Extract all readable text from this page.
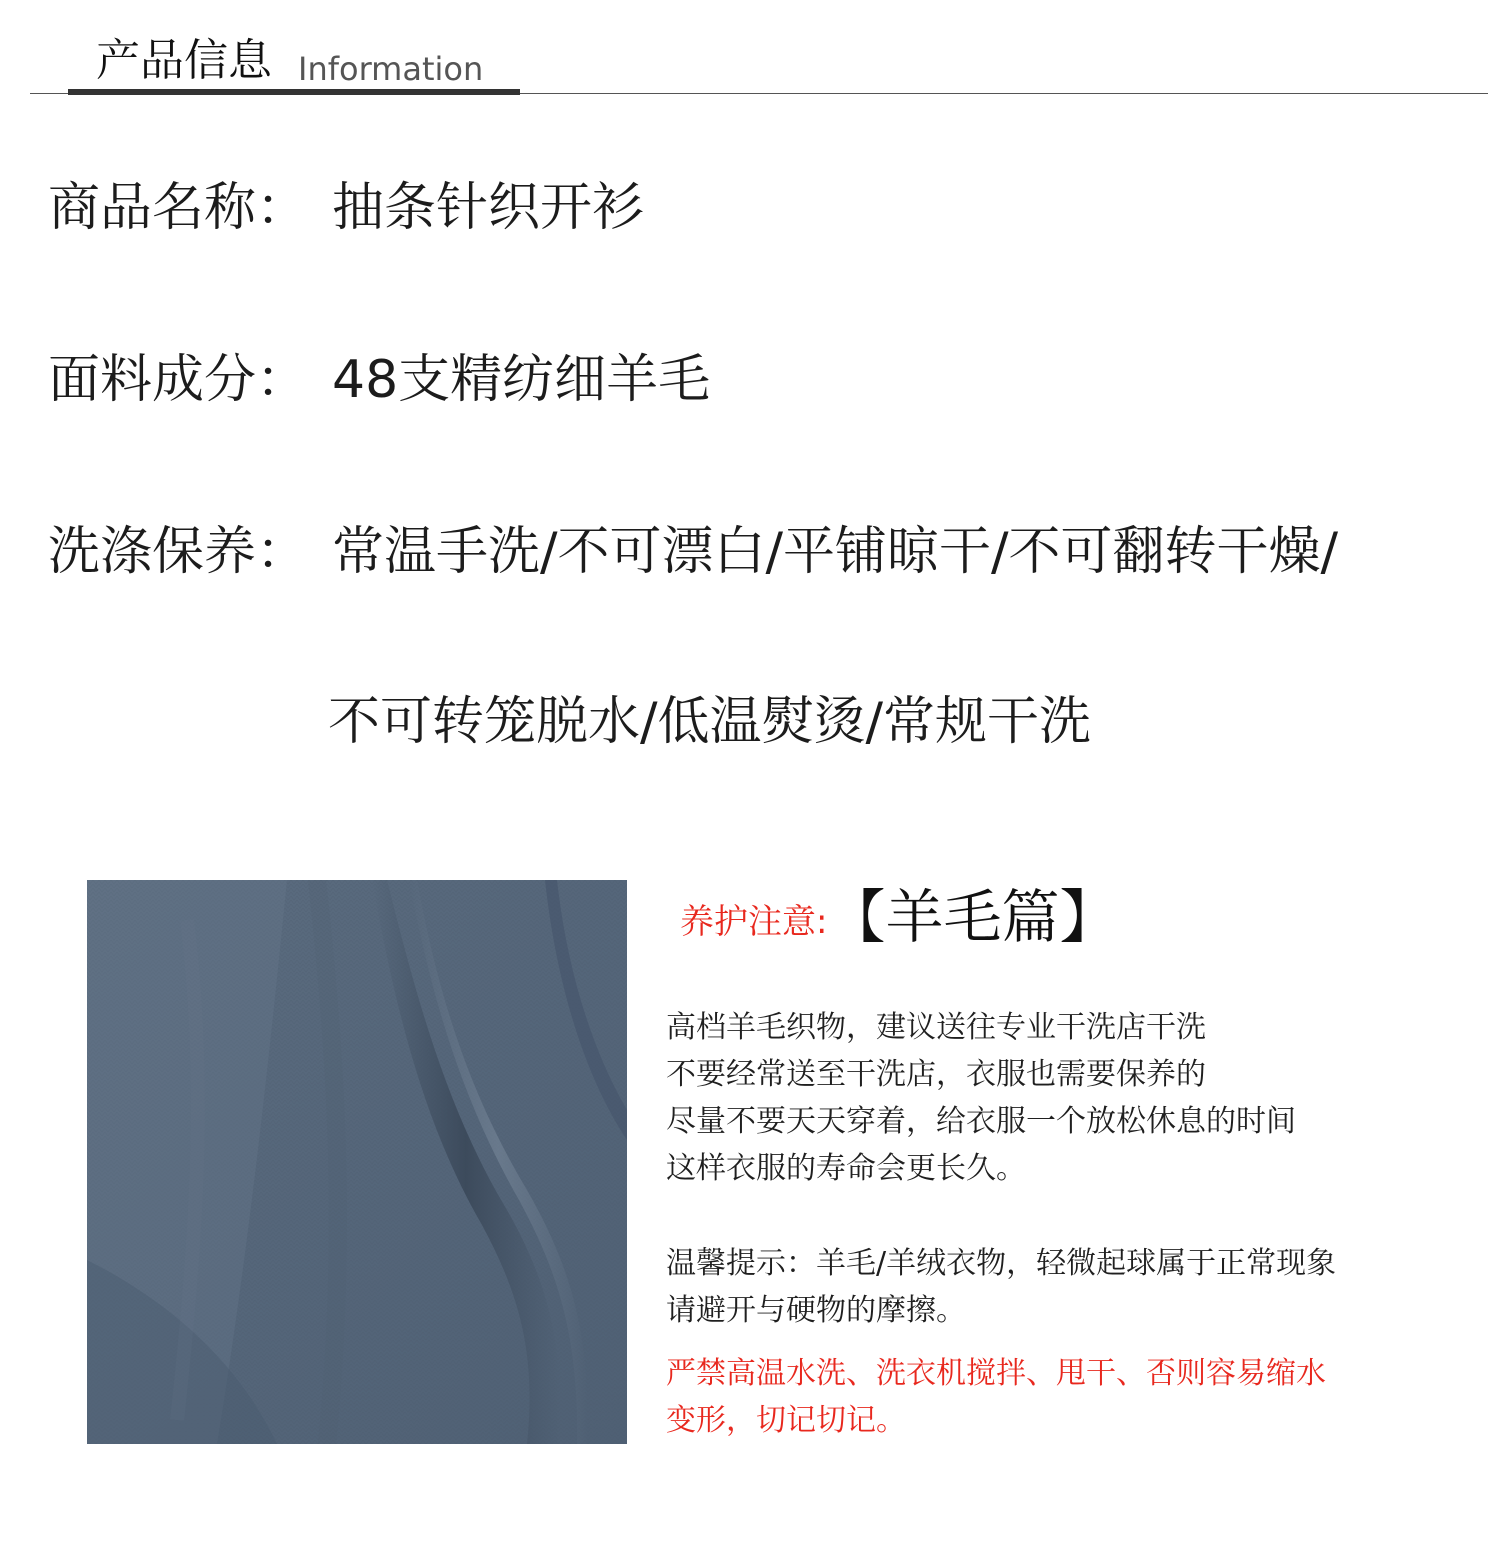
产品信息 Information
商品名称： 抽条针织开衫
面料成分： 48支精纺细羊毛
洗涤保养： 常温手洗/不可漂白/平铺晾干/不可翻转干燥/
不可转笼脱水/低温熨烫/常规干洗
养护注意:【羊毛篇】
高档羊毛织物，建议送往专业干洗店干洗
不要经常送至干洗店，衣服也需要保养的
尽量不要天天穿着，给衣服一个放松休息的时间
这样衣服的寿命会更长久。
温馨提示：羊毛/羊绒衣物，轻微起球属于正常现象
请避开与硬物的摩擦。
严禁高温水洗、洗衣机搅拌、甩干、否则容易缩水
变形，切记切记。
